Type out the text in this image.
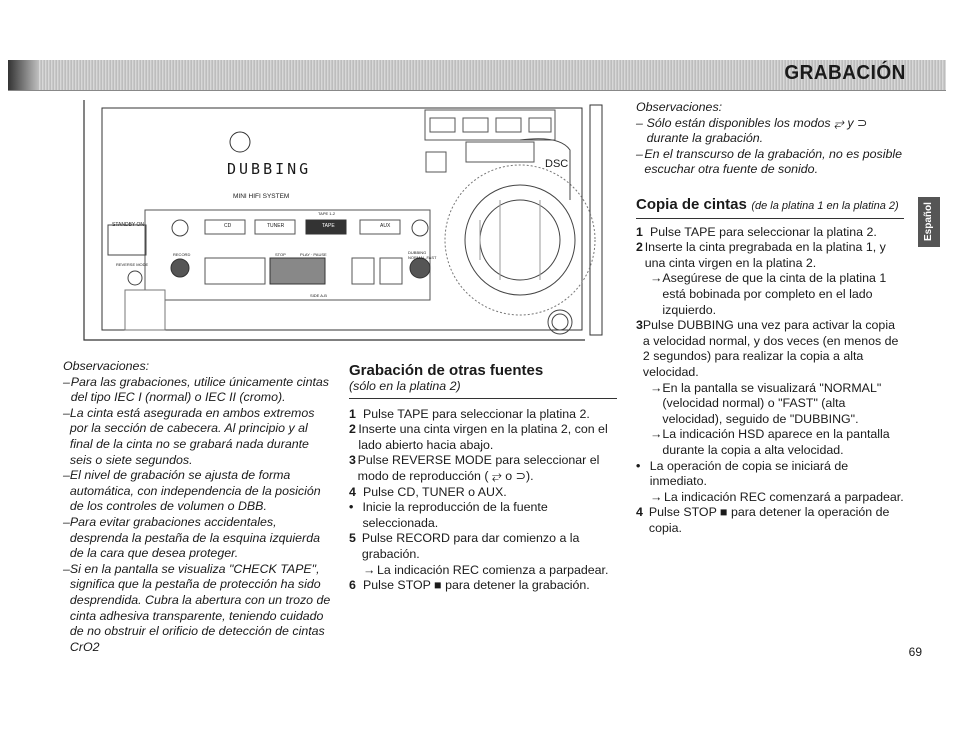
GRABACIÓN
DUBBING
MINI HIFI SYSTEM
DSC
STANDBY-ON
REVERSE MODE
RECORD	STOP	PLAY · PAUSE
TAPE 1-2
CD	TUNER	TAPE	AUX
DUBBING NORMAL-FAST
SIDE A-B
Observaciones:
– Para las grabaciones, utilice únicamente cintas del tipo IEC I (normal) o IEC II (cromo).
– La cinta está asegurada en ambos extremos por la sección de cabecera. Al principio y al final de la cinta no se grabará nada durante seis o siete segundos.
– El nivel de grabación se ajusta de forma automática, con independencia de la posición de los controles de volumen o DBB.
– Para evitar grabaciones accidentales, desprenda la pestaña de la esquina izquierda de la cara que desea proteger.
– Si en la pantalla se visualiza "CHECK TAPE", significa que la pestaña de protección ha sido desprendida. Cubra la abertura con un trozo de cinta adhesiva transparente, teniendo cuidado de no obstruir el orificio de detección de cintas CrO2
Grabación de otras fuentes
(sólo en la platina 2)
1 Pulse TAPE para seleccionar la platina 2.
2 Inserte una cinta virgen en la platina 2, con el lado abierto hacia abajo.
3 Pulse REVERSE MODE para seleccionar el modo de reproducción ( ⥂ o ⊃).
4 Pulse CD, TUNER o AUX.
• Inicie la reproducción de la fuente seleccionada.
5 Pulse RECORD para dar comienzo a la grabación.
→ La indicación REC comienza a parpadear.
6 Pulse STOP ■ para detener la grabación.
Observaciones:
– Sólo están disponibles los modos ⥂ y ⊃ durante la grabación.
– En el transcurso de la grabación, no es posible escuchar otra fuente de sonido.
Copia de cintas (de la platina 1 en la platina 2)
1 Pulse TAPE para seleccionar la platina 2.
2 Inserte la cinta pregrabada en la platina 1, y una cinta virgen en la platina 2.
→ Asegúrese de que la cinta de la platina 1 está bobinada por completo en el lado izquierdo.
3 Pulse DUBBING una vez para activar la copia a velocidad normal, y dos veces (en menos de 2 segundos) para realizar la copia a alta velocidad.
→ En la pantalla se visualizará "NORMAL" (velocidad normal) o "FAST" (alta velocidad), seguido de "DUBBING".
→ La indicación HSD aparece en la pantalla durante la copia a alta velocidad.
• La operación de copia se iniciará de inmediato.
→ La indicación REC comenzará a parpadear.
4 Pulse STOP ■ para detener la operación de copia.
Español
69
